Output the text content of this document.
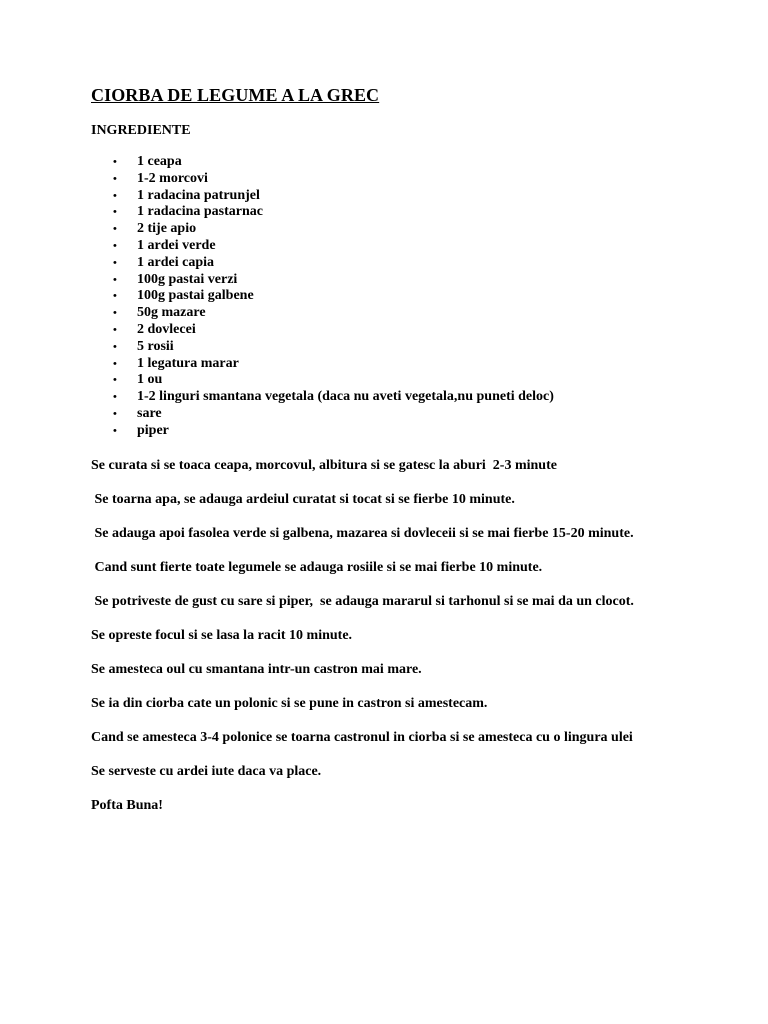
CIORBA DE LEGUME A LA GREC
INGREDIENTE
• 1 ceapa
• 1-2 morcovi
• 1 radacina patrunjel
• 1 radacina pastarnac
• 2 tije apio
• 1 ardei verde
• 1 ardei capia
• 100g pastai verzi
• 100g pastai galbene
• 50g mazare
• 2 dovlecei
• 5 rosii
• 1 legatura marar
• 1 ou
• 1-2 linguri smantana vegetala (daca nu aveti vegetala,nu puneti deloc)
• sare
• piper

Se curata si se toaca ceapa, morcovul, albitura si se gatesc la aburi  2-3 minute

Se toarna apa, se adauga ardeiul curatat si tocat si se fierbe 10 minute.

Se adauga apoi fasolea verde si galbena, mazarea si dovleceii si se mai fierbe 15-20 minute.

Cand sunt fierte toate legumele se adauga rosiile si se mai fierbe 10 minute.

Se potriveste de gust cu sare si piper,  se adauga mararul si tarhonul si se mai da un clocot.

Se opreste focul si se lasa la racit 10 minute.

Se amesteca oul cu smantana intr-un castron mai mare.

Se ia din ciorba cate un polonic si se pune in castron si amestecam.

Cand se amesteca 3-4 polonice se toarna castronul in ciorba si se amesteca cu o lingura ulei

Se serveste cu ardei iute daca va place.

Pofta Buna!
